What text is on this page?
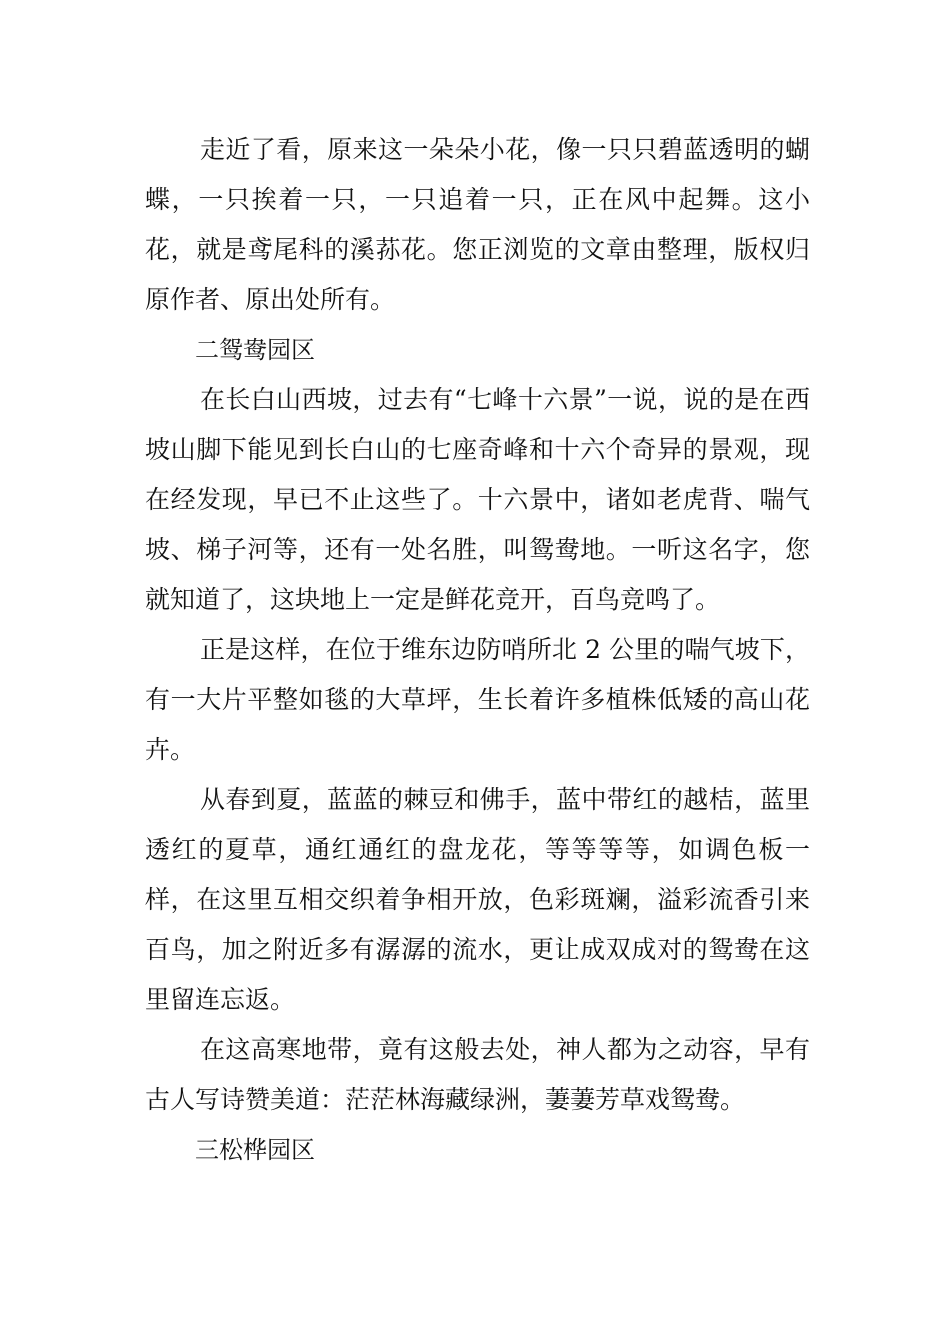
走近了看，原来这一朵朵小花，像一只只碧蓝透明的蝴蝶，一只挨着一只，一只追着一只，正在风中起舞。这小花，就是鸢尾科的溪荪花。您正浏览的文章由整理，版权归原作者、原出处所有。

二鸳鸯园区

在长白山西坡，过去有“七峰十六景”一说，说的是在西坡山脚下能见到长白山的七座奇峰和十六个奇异的景观，现在经发现，早已不止这些了。十六景中，诸如老虎背、喘气坡、梯子河等，还有一处名胜，叫鸳鸯地。一听这名字，您就知道了，这块地上一定是鲜花竞开，百鸟竞鸣了。

正是这样，在位于维东边防哨所北 2 公里的喘气坡下，有一大片平整如毯的大草坪，生长着许多植株低矮的高山花卉。

从春到夏，蓝蓝的棘豆和佛手，蓝中带红的越桔，蓝里透红的夏草，通红通红的盘龙花，等等等等，如调色板一样，在这里互相交织着争相开放，色彩斑斓，溢彩流香引来百鸟，加之附近多有潺潺的流水，更让成双成对的鸳鸯在这里留连忘返。

在这高寒地带，竟有这般去处，神人都为之动容，早有古人写诗赞美道：茫茫林海藏绿洲，萋萋芳草戏鸳鸯。

三松桦园区
